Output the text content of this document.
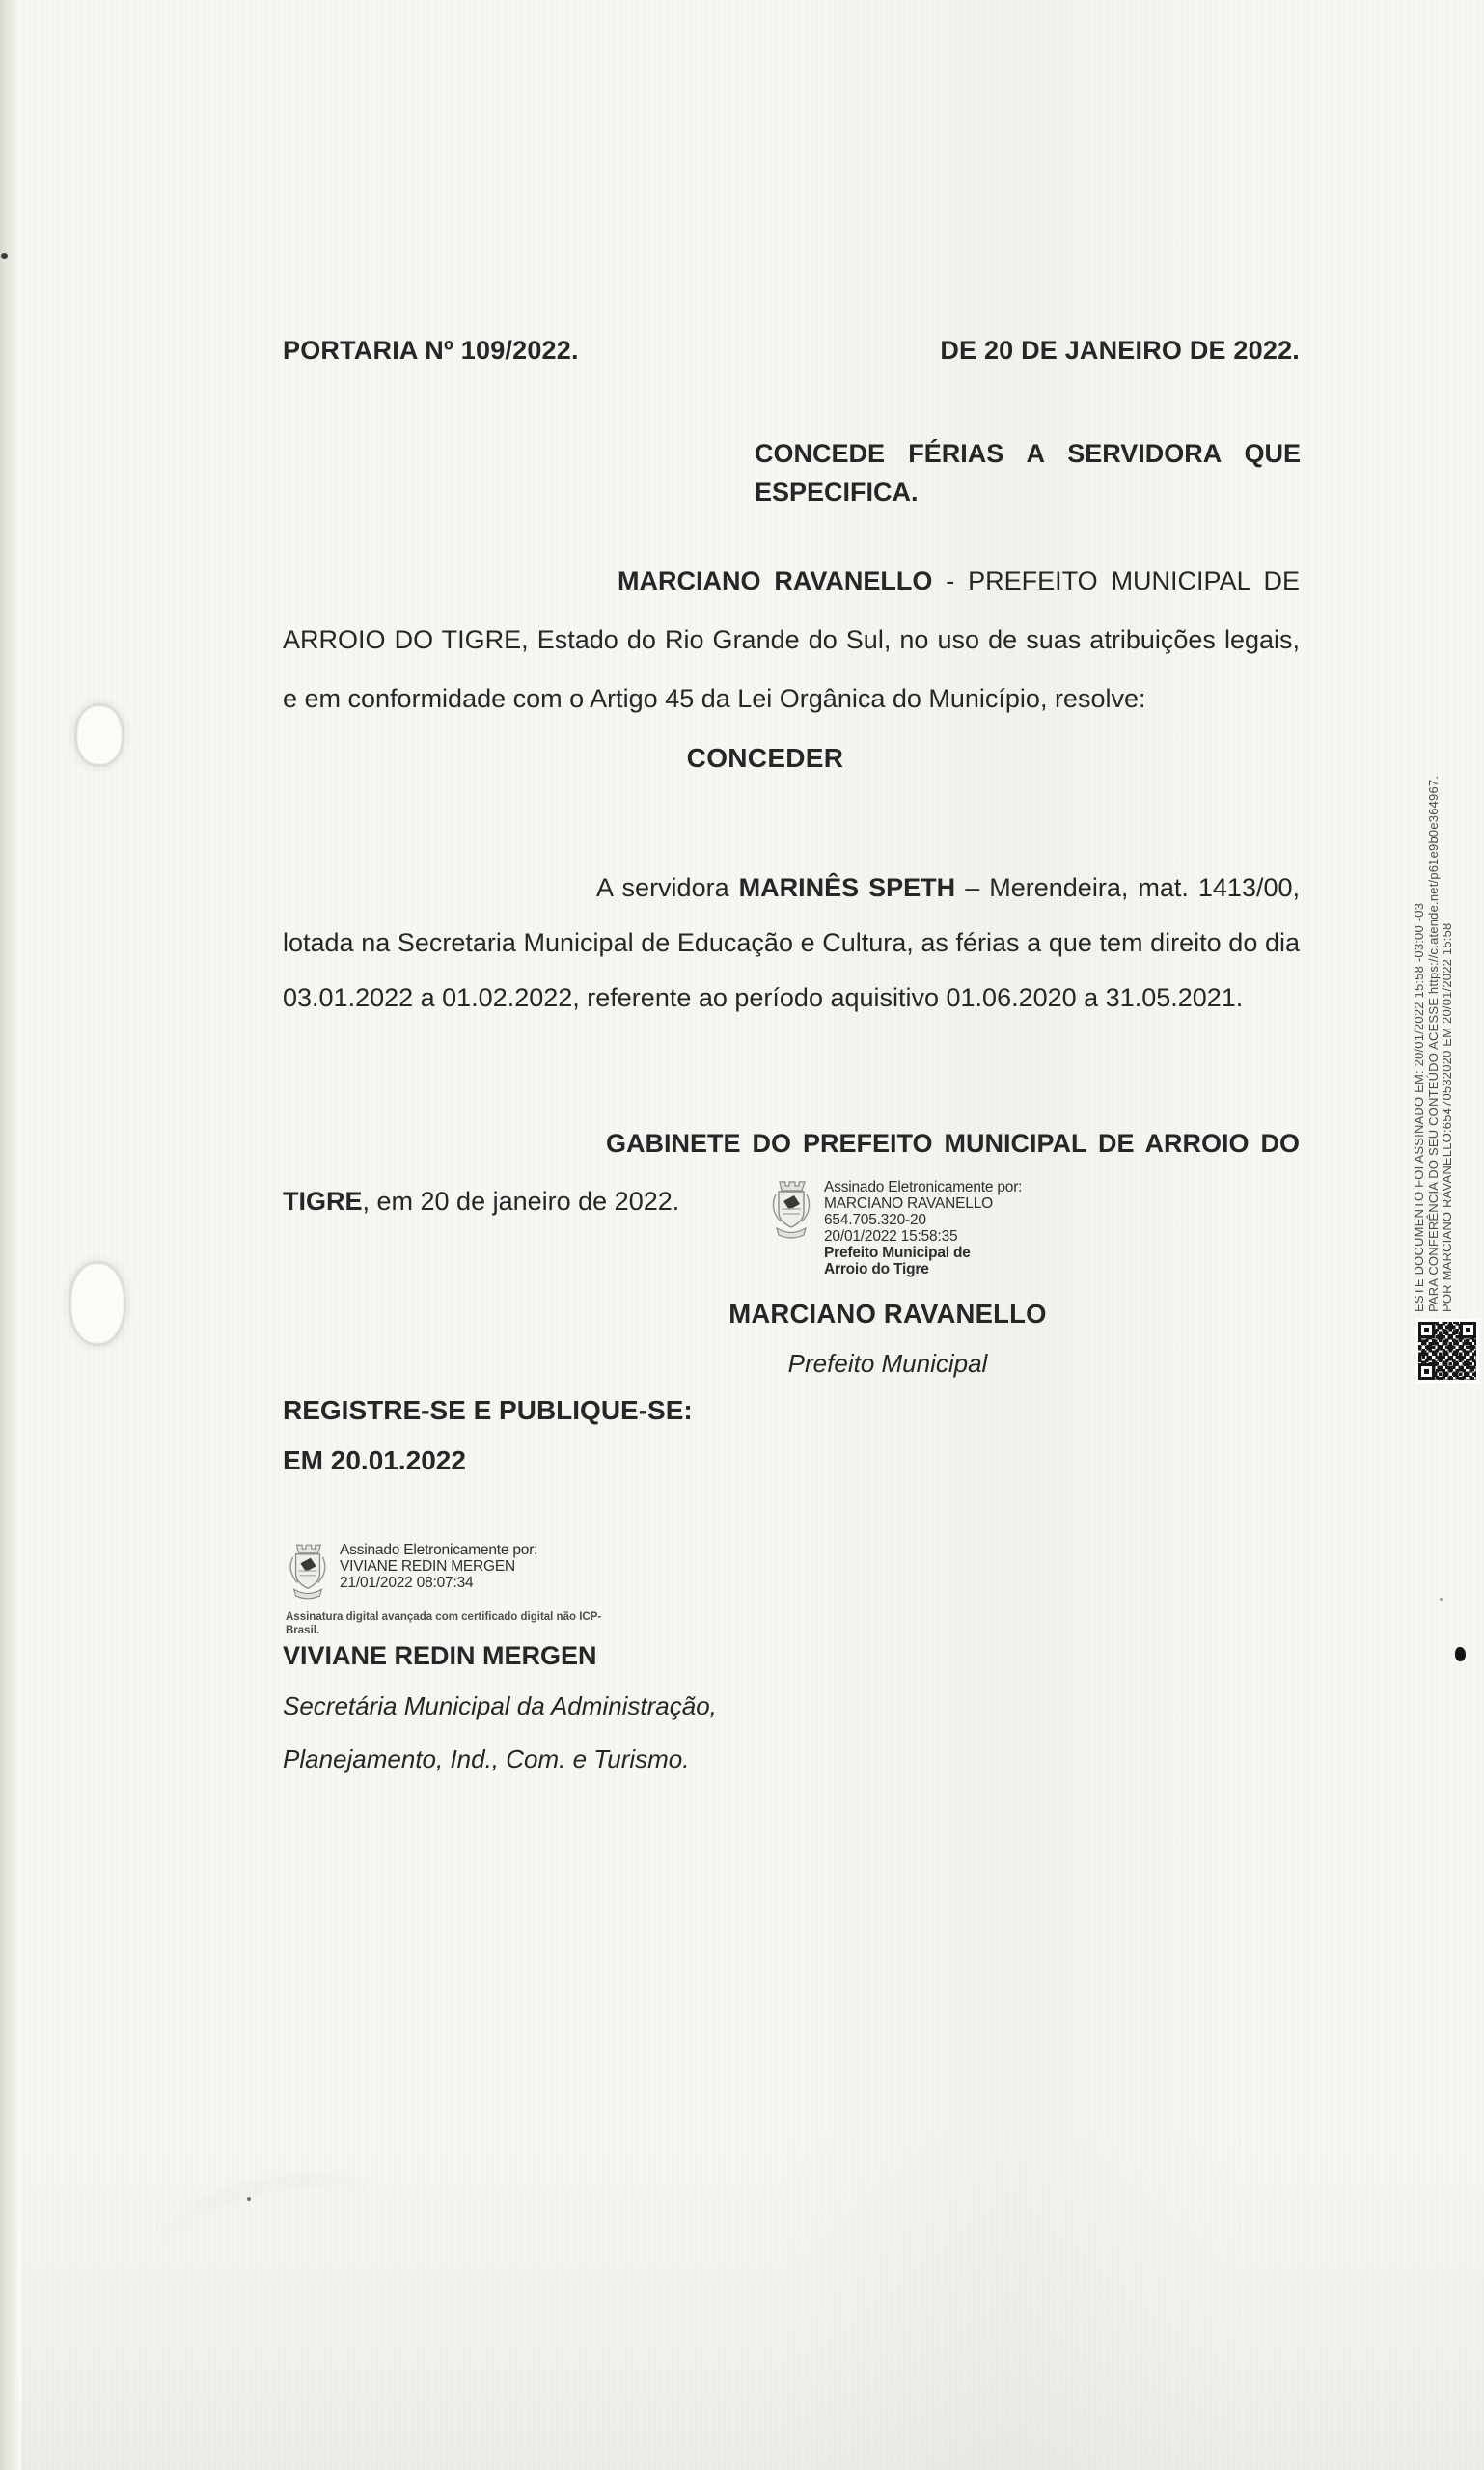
PORTARIA Nº 109/2022.	DE 20 DE JANEIRO DE 2022.
CONCEDE FÉRIAS A SERVIDORA QUE ESPECIFICA.

MARCIANO RAVANELLO - PREFEITO MUNICIPAL DE ARROIO DO TIGRE, Estado do Rio Grande do Sul, no uso de suas atribuições legais, e em conformidade com o Artigo 45 da Lei Orgânica do Município, resolve:

CONCEDER

A servidora MARINÊS SPETH – Merendeira, mat. 1413/00, lotada na Secretaria Municipal de Educação e Cultura, as férias a que tem direito do dia 03.01.2022 a 01.02.2022, referente ao período aquisitivo 01.06.2020 a 31.05.2021.

GABINETE DO PREFEITO MUNICIPAL DE ARROIO DO TIGRE, em 20 de janeiro de 2022.	Assinado Eletronicamente por:
MARCIANO RAVANELLO
654.705.320-20
20/01/2022 15:58:35
Prefeito Municipal de
Arroio do Tigre
MARCIANO RAVANELLO
Prefeito Municipal
REGISTRE-SE E PUBLIQUE-SE:
EM 20.01.2022
Assinado Eletronicamente por:
VIVIANE REDIN MERGEN
21/01/2022 08:07:34
Assinatura digital avançada com certificado digital não ICP-Brasil.
VIVIANE REDIN MERGEN
Secretária Municipal da Administração,
Planejamento, Ind., Com. e Turismo.
ESTE DOCUMENTO FOI ASSINADO EM: 20/01/2022 15:58 -03:00 -03 PARA CONFERÊNCIA DO SEU CONTEÚDO ACESSE https://c.atende.net/p61e9b0e364967. POR MARCIANO RAVANELLO:65470532020 EM 20/01/2022 15:58
